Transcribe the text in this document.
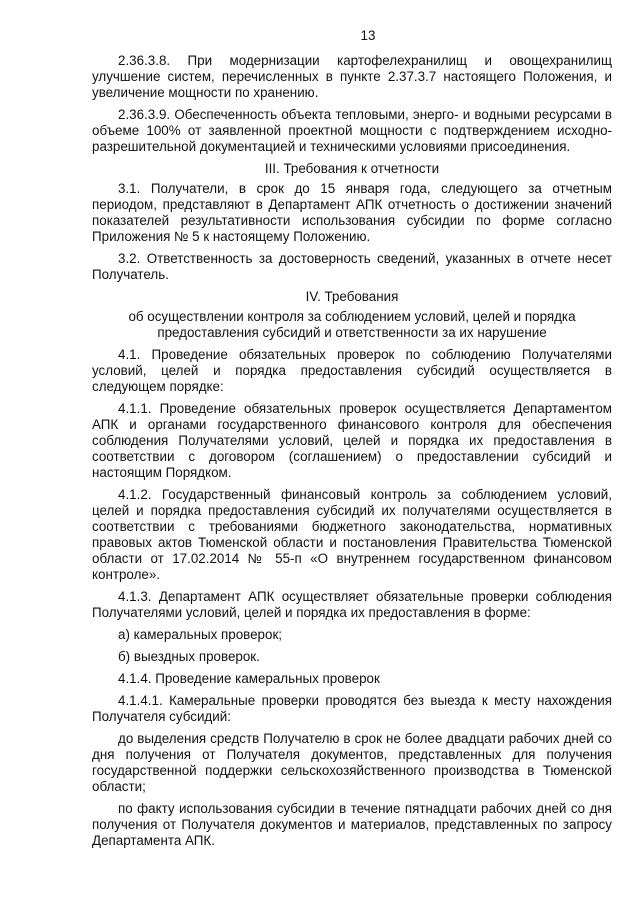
13

2.36.3.8. При модернизации картофелехранилищ и овощехранилищ улучшение систем, перечисленных в пункте 2.37.3.7 настоящего Положения, и увеличение мощности по хранению.

2.36.3.9. Обеспеченность объекта тепловыми, энерго- и водными ресурсами в объеме 100% от заявленной проектной мощности с подтверждением исходно-разрешительной документацией и техническими условиями присоединения.

III. Требования к отчетности

3.1. Получатели, в срок до 15 января года, следующего за отчетным периодом, представляют в Департамент АПК отчетность о достижении значений показателей результативности использования субсидии по форме согласно Приложения № 5 к настоящему Положению.

3.2. Ответственность за достоверность сведений, указанных в отчете несет Получатель.

IV. Требования

об осуществлении контроля за соблюдением условий, целей и порядка предоставления субсидий и ответственности за их нарушение

4.1. Проведение обязательных проверок по соблюдению Получателями условий, целей и порядка предоставления субсидий осуществляется в следующем порядке:

4.1.1. Проведение обязательных проверок осуществляется Департаментом АПК и органами государственного финансового контроля для обеспечения соблюдения Получателями условий, целей и порядка их предоставления в соответствии с договором (соглашением) о предоставлении субсидий и настоящим Порядком.

4.1.2. Государственный финансовый контроль за соблюдением условий, целей и порядка предоставления субсидий их получателями осуществляется в соответствии с требованиями бюджетного законодательства, нормативных правовых актов Тюменской области и постановления Правительства Тюменской области от 17.02.2014 № 55-п «О внутреннем государственном финансовом контроле».

4.1.3. Департамент АПК осуществляет обязательные проверки соблюдения Получателями условий, целей и порядка их предоставления в форме:

а) камеральных проверок;

б) выездных проверок.

4.1.4. Проведение камеральных проверок

4.1.4.1. Камеральные проверки проводятся без выезда к месту нахождения Получателя субсидий:

до выделения средств Получателю в срок не более двадцати рабочих дней со дня получения от Получателя документов, представленных для получения государственной поддержки сельскохозяйственного производства в Тюменской области;

по факту использования субсидии в течение пятнадцати рабочих дней со дня получения от Получателя документов и материалов, представленных по запросу Департамента АПК.
